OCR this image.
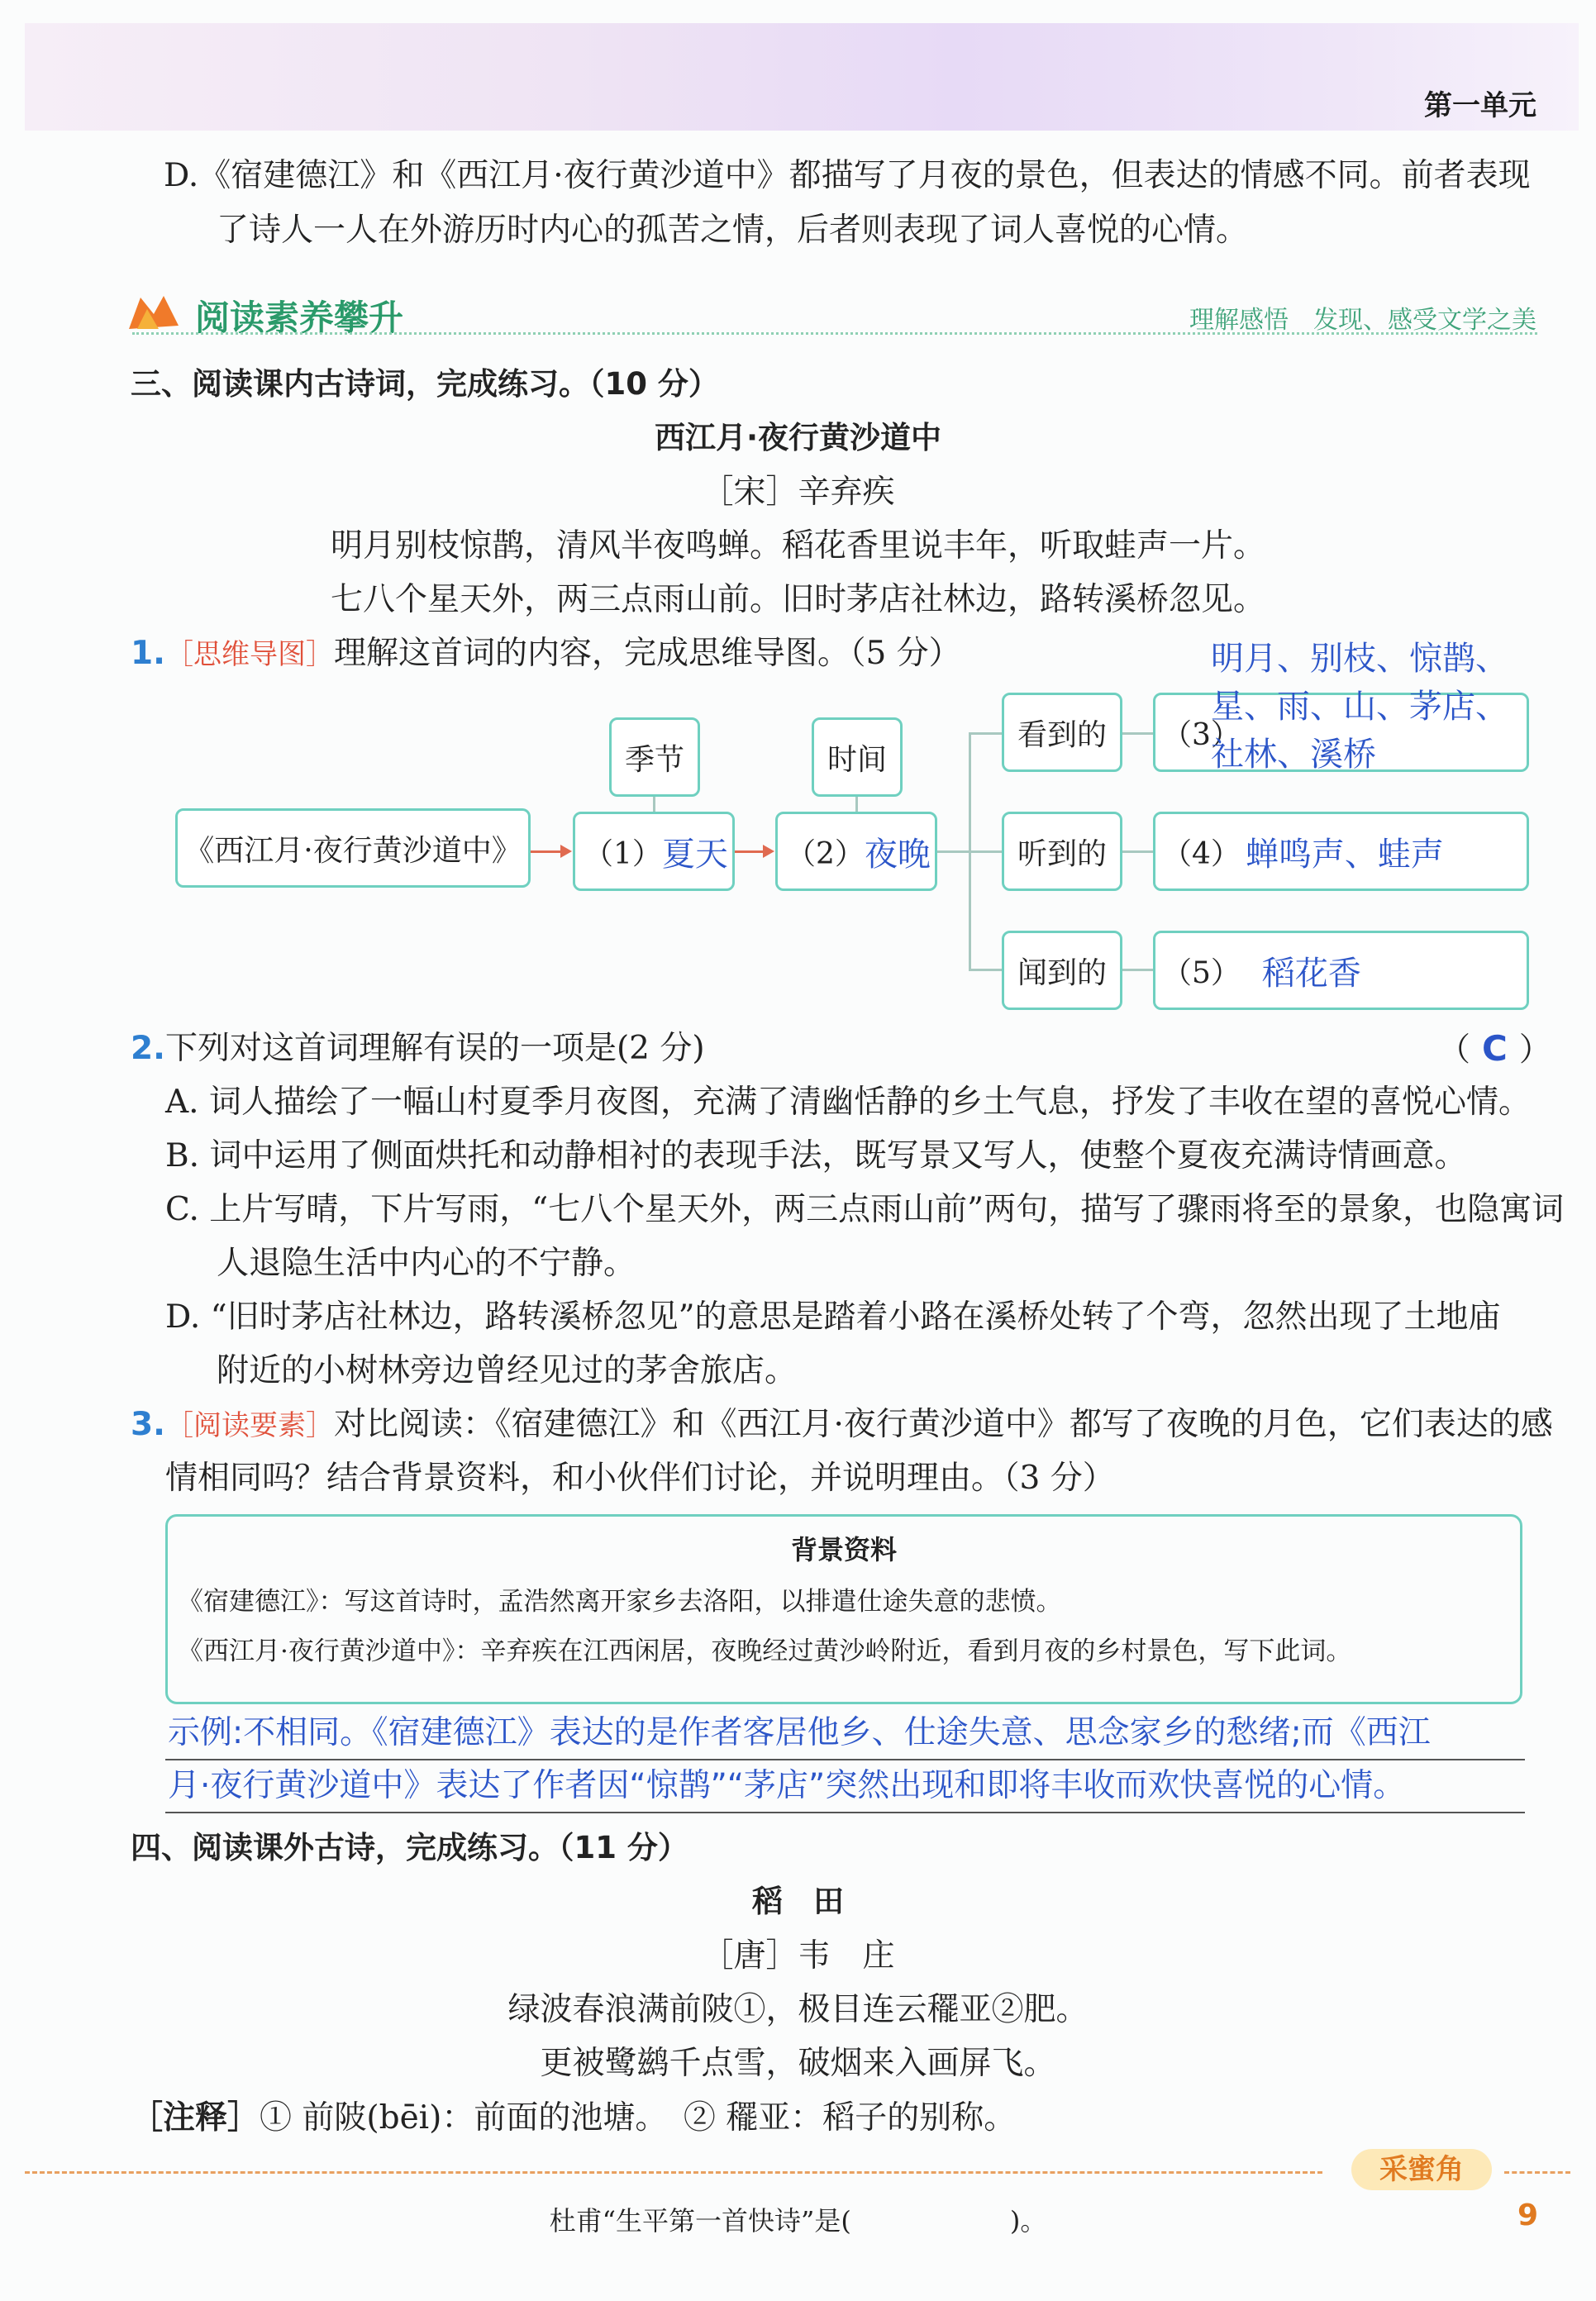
第一单元
D.《宿建德江》和《西江月·夜行黄沙道中》都描写了月夜的景色，但表达的情感不同。前者表现
了诗人一人在外游历时内心的孤苦之情，后者则表现了词人喜悦的心情。
阅读素养攀升	理解感悟　发现、感受文学之美
三、阅读课内古诗词，完成练习。（10 分）
西江月·夜行黄沙道中
［宋］辛弃疾
明月别枝惊鹊，清风半夜鸣蝉。稻花香里说丰年，听取蛙声一片。
七八个星天外，两三点雨山前。旧时茅店社林边，路转溪桥忽见。
1.［思维导图］理解这首词的内容，完成思维导图。（5 分）
《西江月·夜行黄沙道中》
季节	时间
（1） 夏天 （2） 夜晚
看到的
听到的
闻到的
（3）
明月、别枝、惊鹊、
星、雨、山、茅店、
社林、溪桥
（4） 蝉鸣声、蛙声
（5） 稻花香
2.下列对这首词理解有误的一项是(2 分)	（ C ）
A. 词人描绘了一幅山村夏季月夜图，充满了清幽恬静的乡土气息，抒发了丰收在望的喜悦心情。
B. 词中运用了侧面烘托和动静相衬的表现手法，既写景又写人，使整个夏夜充满诗情画意。
C. 上片写晴，下片写雨，“七八个星天外，两三点雨山前”两句，描写了骤雨将至的景象，也隐寓词
人退隐生活中内心的不宁静。
D. “旧时茅店社林边，路转溪桥忽见”的意思是踏着小路在溪桥处转了个弯，忽然出现了土地庙
附近的小树林旁边曾经见过的茅舍旅店。
3.［阅读要素］对比阅读：《宿建德江》和《西江月·夜行黄沙道中》都写了夜晚的月色，它们表达的感
情相同吗？结合背景资料，和小伙伴们讨论，并说明理由。（3 分）
背景资料
《宿建德江》：写这首诗时，孟浩然离开家乡去洛阳，以排遣仕途失意的悲愤。
《西江月·夜行黄沙道中》：辛弃疾在江西闲居，夜晚经过黄沙岭附近，看到月夜的乡村景色，写下此词。
示例:不相同。《宿建德江》表达的是作者客居他乡、仕途失意、思念家乡的愁绪;而《西江
月·夜行黄沙道中》表达了作者因“惊鹊”“茅店”突然出现和即将丰收而欢快喜悦的心情。
四、阅读课外古诗，完成练习。（11 分）
稻　田
［唐］韦　庄
绿波春浪满前陂①，极目连云䆉亚②肥。
更被鹭鹚千点雪，破烟来入画屏飞。
［注释］① 前陂(bēi)：前面的池塘。　② 䆉亚：稻子的别称。
采蜜角
杜甫“生平第一首快诗”是(　　　　　　)。	9
